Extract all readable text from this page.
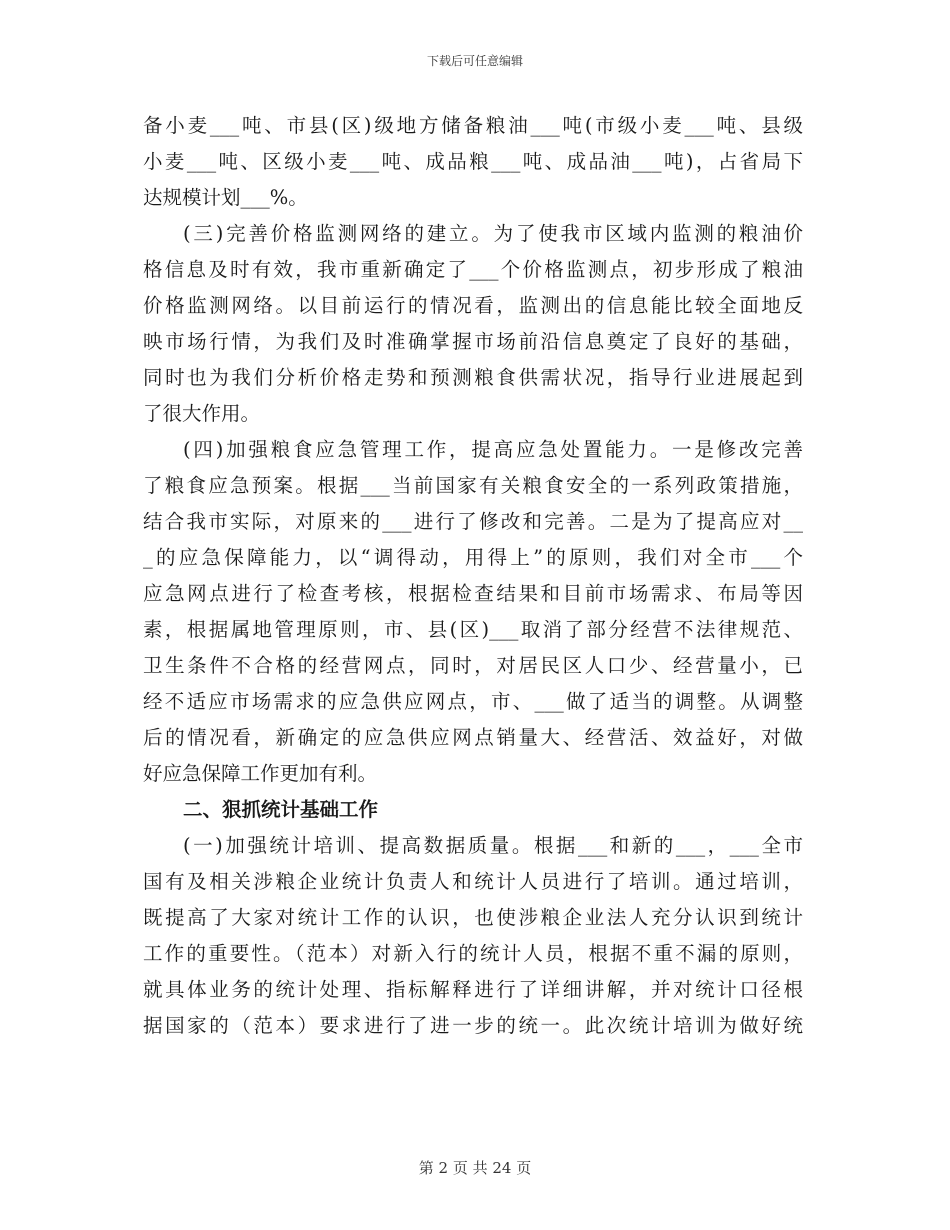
下载后可任意编辑
备小麦___吨、市县(区)级地方储备粮油___吨(市级小麦___吨、县级
小麦___吨、区级小麦___吨、成品粮___吨、成品油___吨)，占省局下
达规模计划___%。
(三)完善价格监测网络的建立。为了使我市区域内监测的粮油价
格信息及时有效，我市重新确定了___个价格监测点，初步形成了粮油
价格监测网络。以目前运行的情况看，监测出的信息能比较全面地反
映市场行情，为我们及时准确掌握市场前沿信息奠定了良好的基础，
同时也为我们分析价格走势和预测粮食供需状况，指导行业进展起到
了很大作用。
(四)加强粮食应急管理工作，提高应急处置能力。一是修改完善
了粮食应急预案。根据___当前国家有关粮食安全的一系列政策措施，
结合我市实际，对原来的___进行了修改和完善。二是为了提高应对__
_的应急保障能力，以“调得动，用得上”的原则，我们对全市___个
应急网点进行了检查考核，根据检查结果和目前市场需求、布局等因
素，根据属地管理原则，市、县(区)___取消了部分经营不法律规范、
卫生条件不合格的经营网点，同时，对居民区人口少、经营量小，已
经不适应市场需求的应急供应网点，市、___做了适当的调整。从调整
后的情况看，新确定的应急供应网点销量大、经营活、效益好，对做
好应急保障工作更加有利。
二、狠抓统计基础工作
(一)加强统计培训、提高数据质量。根据___和新的___，___全市
国有及相关涉粮企业统计负责人和统计人员进行了培训。通过培训，
既提高了大家对统计工作的认识，也使涉粮企业法人充分认识到统计
工作的重要性。（范本）对新入行的统计人员，根据不重不漏的原则，
就具体业务的统计处理、指标解释进行了详细讲解，并对统计口径根
据国家的（范本）要求进行了进一步的统一。此次统计培训为做好统
第 2 页 共 24 页
